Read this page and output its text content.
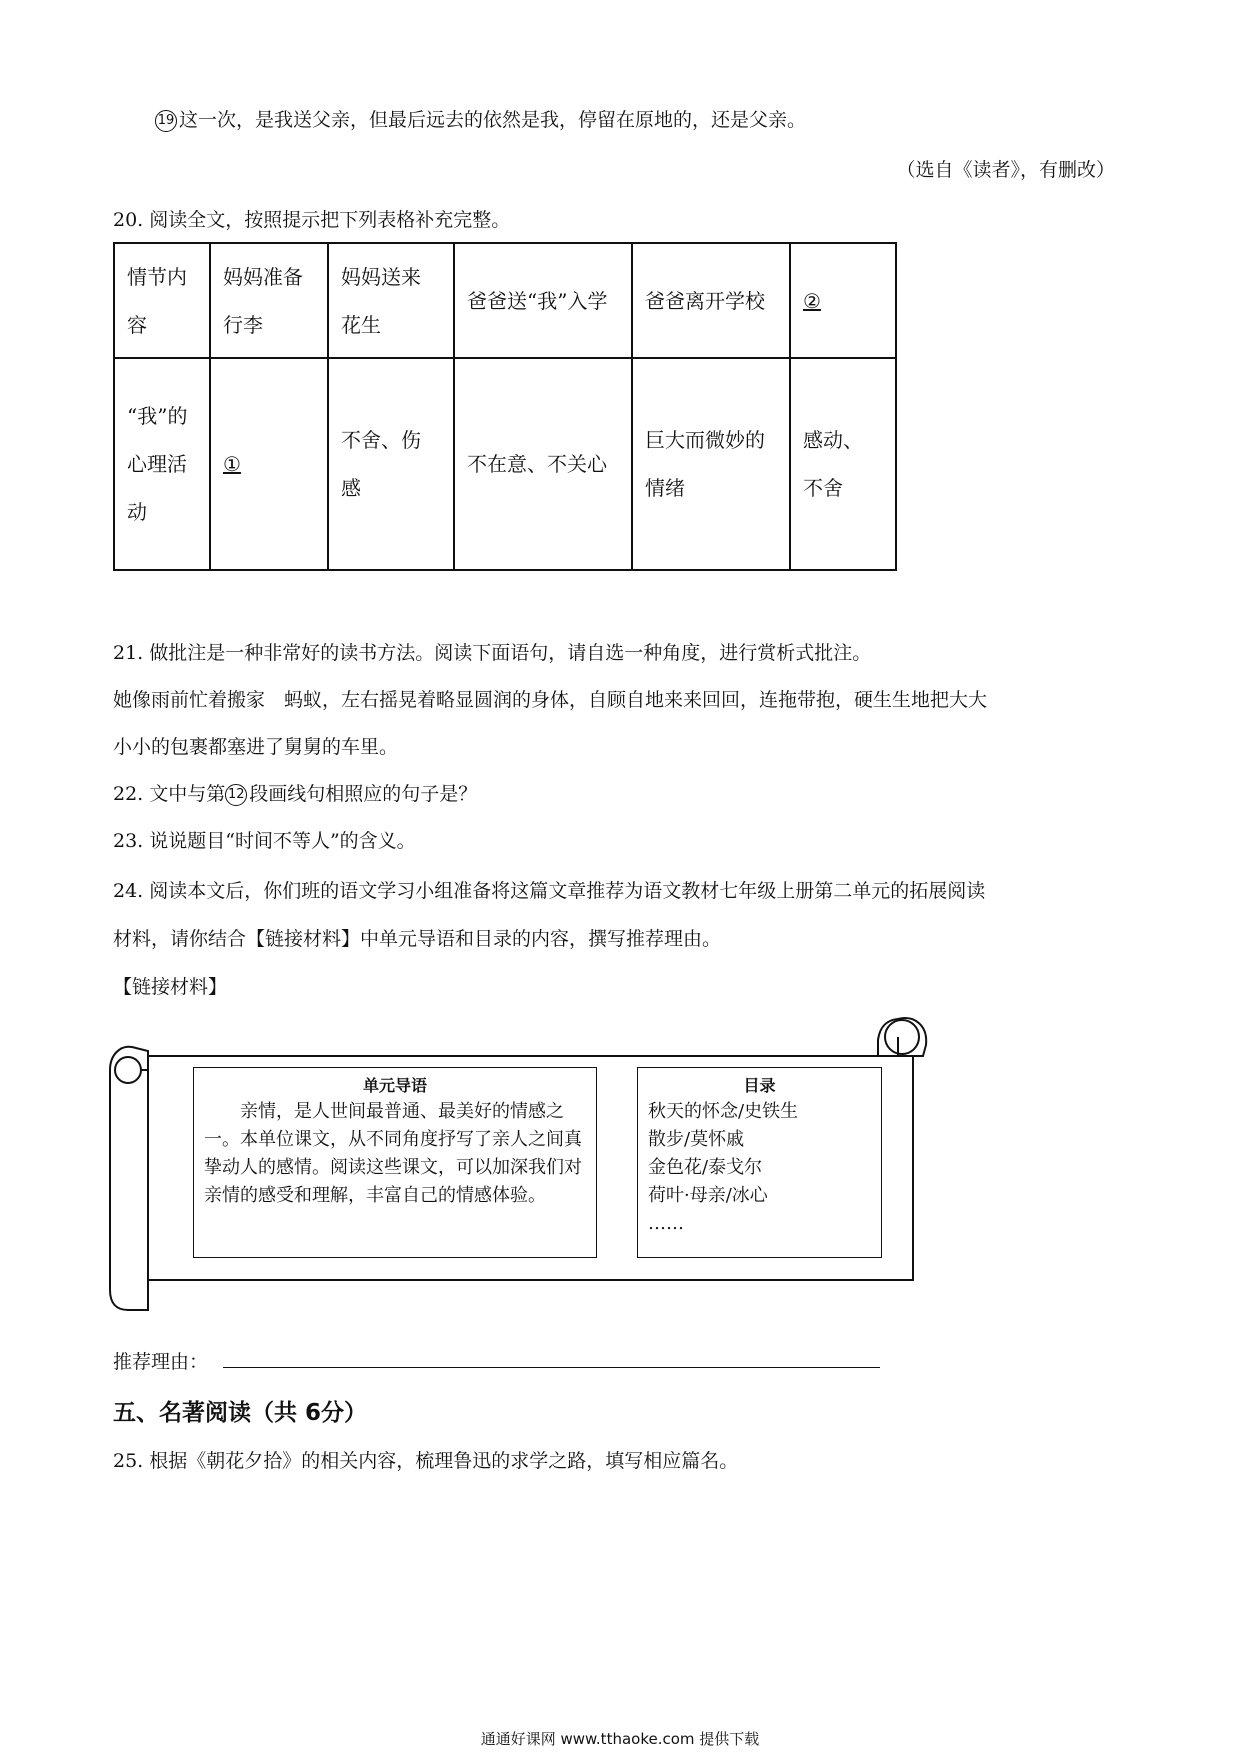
19 这一次，是我送父亲，但最后远去的依然是我，停留在原地的，还是父亲。
（选自《读者》，有删改）
20. 阅读全文，按照提示把下列表格补充完整。
情节内容	妈妈准备行李	妈妈送来花生	爸爸送“我”入学	爸爸离开学校	②

“我”的心理活动	①	不舍、伤感	不在意、不关心	巨大而微妙的情绪	感动、不舍
21. 做批注是一种非常好的读书方法。阅读下面语句，请自选一种角度，进行赏析式批注。
她像雨前忙着搬家　蚂蚁，左右摇晃着略显圆润的身体，自顾自地来来回回，连拖带抱，硬生生地把大大
小小的包裹都塞进了舅舅的车里。
22. 文中与第 12 段画线句相照应的句子是？
23. 说说题目“时间不等人”的含义。
24. 阅读本文后，你们班的语文学习小组准备将这篇文章推荐为语文教材七年级上册第二单元的拓展阅读
材料，请你结合【链接材料】中单元导语和目录的内容，撰写推荐理由。
【链接材料】
单元导语
　　亲情，是人世间最普通、最美好的情感之一。本单位课文，从不同角度抒写了亲人之间真挚动人的感情。阅读这些课文，可以加深我们对亲情的感受和理解，丰富自己的情感体验。
目录
秋天的怀念/史铁生
散步/莫怀戚
金色花/泰戈尔
荷叶·母亲/冰心
……
推荐理由：
五、名著阅读（共 6分）
25. 根据《朝花夕拾》的相关内容，梳理鲁迅的求学之路，填写相应篇名。
通通好课网 www.tthaoke.com 提供下载
